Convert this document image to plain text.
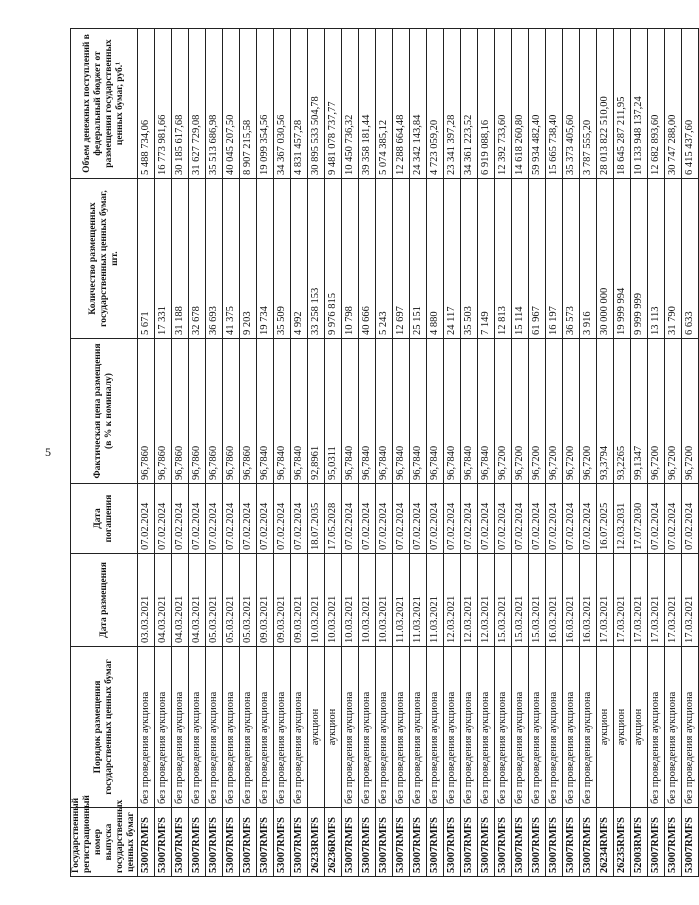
5
Государственный регистрационный номер выпуска государственных ценных бумаг	Порядок размещения государственных ценных бумаг	Дата размещения	Дата погашения	Фактическая цена размещения (в % к номиналу)	Количество размещенных государственных ценных бумаг, шт.	Объем денежных поступлений в федеральный бюджет от размещения государственных ценных бумаг, руб.¹
53007RMFS	без проведения аукциона	03.03.2021	07.02.2024	96,7860	5 671	5 488 734,06
53007RMFS	без проведения аукциона	04.03.2021	07.02.2024	96,7860	17 331	16 773 981,66
53007RMFS	без проведения аукциона	04.03.2021	07.02.2024	96,7860	31 188	30 185 617,68
53007RMFS	без проведения аукциона	04.03.2021	07.02.2024	96,7860	32 678	31 627 729,08
53007RMFS	без проведения аукциона	05.03.2021	07.02.2024	96,7860	36 693	35 513 686,98
53007RMFS	без проведения аукциона	05.03.2021	07.02.2024	96,7860	41 375	40 045 207,50
53007RMFS	без проведения аукциона	05.03.2021	07.02.2024	96,7860	9 203	8 907 215,58
53007RMFS	без проведения аукциона	09.03.2021	07.02.2024	96,7840	19 734	19 099 354,56
53007RMFS	без проведения аукциона	09.03.2021	07.02.2024	96,7840	35 509	34 367 030,56
53007RMFS	без проведения аукциона	09.03.2021	07.02.2024	96,7840	4 992	4 831 457,28
26233RMFS	аукцион	10.03.2021	18.07.2035	92,8961	33 258 153	30 895 533 504,78
26236RMFS	аукцион	10.03.2021	17.05.2028	95,0311	9 976 815	9 481 078 737,77
53007RMFS	без проведения аукциона	10.03.2021	07.02.2024	96,7840	10 798	10 450 736,32
53007RMFS	без проведения аукциона	10.03.2021	07.02.2024	96,7840	40 666	39 358 181,44
53007RMFS	без проведения аукциона	10.03.2021	07.02.2024	96,7840	5 243	5 074 385,12
53007RMFS	без проведения аукциона	11.03.2021	07.02.2024	96,7840	12 697	12 288 664,48
53007RMFS	без проведения аукциона	11.03.2021	07.02.2024	96,7840	25 151	24 342 143,84
53007RMFS	без проведения аукциона	11.03.2021	07.02.2024	96,7840	4 880	4 723 059,20
53007RMFS	без проведения аукциона	12.03.2021	07.02.2024	96,7840	24 117	23 341 397,28
53007RMFS	без проведения аукциона	12.03.2021	07.02.2024	96,7840	35 503	34 361 223,52
53007RMFS	без проведения аукциона	12.03.2021	07.02.2024	96,7840	7 149	6 919 088,16
53007RMFS	без проведения аукциона	15.03.2021	07.02.2024	96,7200	12 813	12 392 733,60
53007RMFS	без проведения аукциона	15.03.2021	07.02.2024	96,7200	15 114	14 618 260,80
53007RMFS	без проведения аукциона	15.03.2021	07.02.2024	96,7200	61 967	59 934 482,40
53007RMFS	без проведения аукциона	16.03.2021	07.02.2024	96,7200	16 197	15 665 738,40
53007RMFS	без проведения аукциона	16.03.2021	07.02.2024	96,7200	36 573	35 373 405,60
53007RMFS	без проведения аукциона	16.03.2021	07.02.2024	96,7200	3 916	3 787 555,20
26234RMFS	аукцион	17.03.2021	16.07.2025	93,3794	30 000 000	28 013 822 510,00
26235RMFS	аукцион	17.03.2021	12.03.2031	93,2265	19 999 994	18 645 287 211,95
52003RMFS	аукцион	17.03.2021	17.07.2030	99,1347	9 999 999	10 133 948 137,24
53007RMFS	без проведения аукциона	17.03.2021	07.02.2024	96,7200	13 113	12 682 893,60
53007RMFS	без проведения аукциона	17.03.2021	07.02.2024	96,7200	31 790	30 747 288,00
53007RMFS	без проведения аукциона	17.03.2021	07.02.2024	96,7200	6 633	6 415 437,60
